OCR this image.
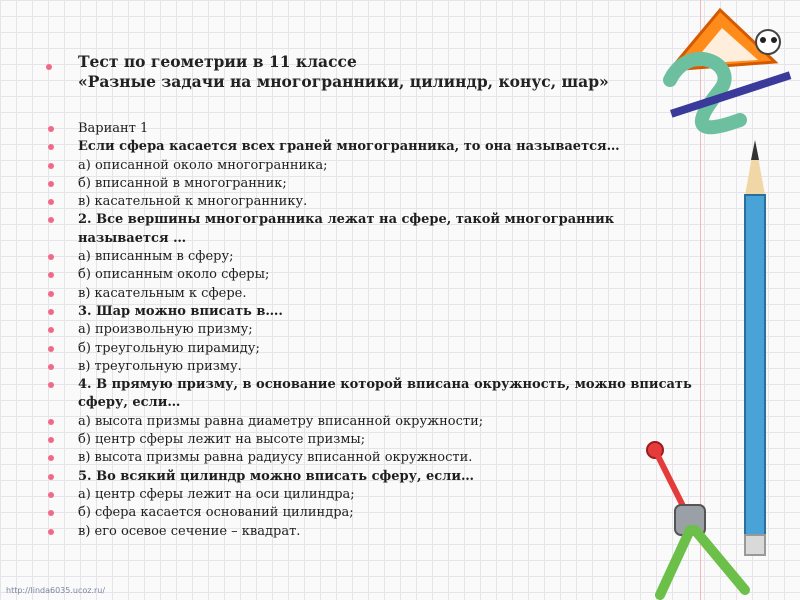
Тест по геометрии в 11 классе
«Разные задачи на многогранники, цилиндр, конус, шар»
Вариант 1
Если сфера касается всех граней многогранника, то она называется…
а) описанной около многогранника;
б) вписанной в многогранник;
в) касательной к многограннику.
2. Все вершины многогранника лежат на сфере, такой многогранник называется …
а) вписанным в сферу;
б) описанным около сферы;
в) касательным к сфере.
3. Шар можно вписать в….
а) произвольную призму;
б) треугольную пирамиду;
в) треугольную призму.
4. В прямую призму, в основание которой вписана окружность, можно вписать сферу, если…
а) высота призмы равна диаметру вписанной окружности;
б) центр сферы лежит на высоте призмы;
в) высота призмы равна радиусу вписанной окружности.
5. Во всякий цилиндр можно вписать сферу, если…
а) центр сферы лежит на оси цилиндра;
б) сфера касается оснований цилиндра;
в) его осевое сечение – квадрат.
http://linda6035.ucoz.ru/
